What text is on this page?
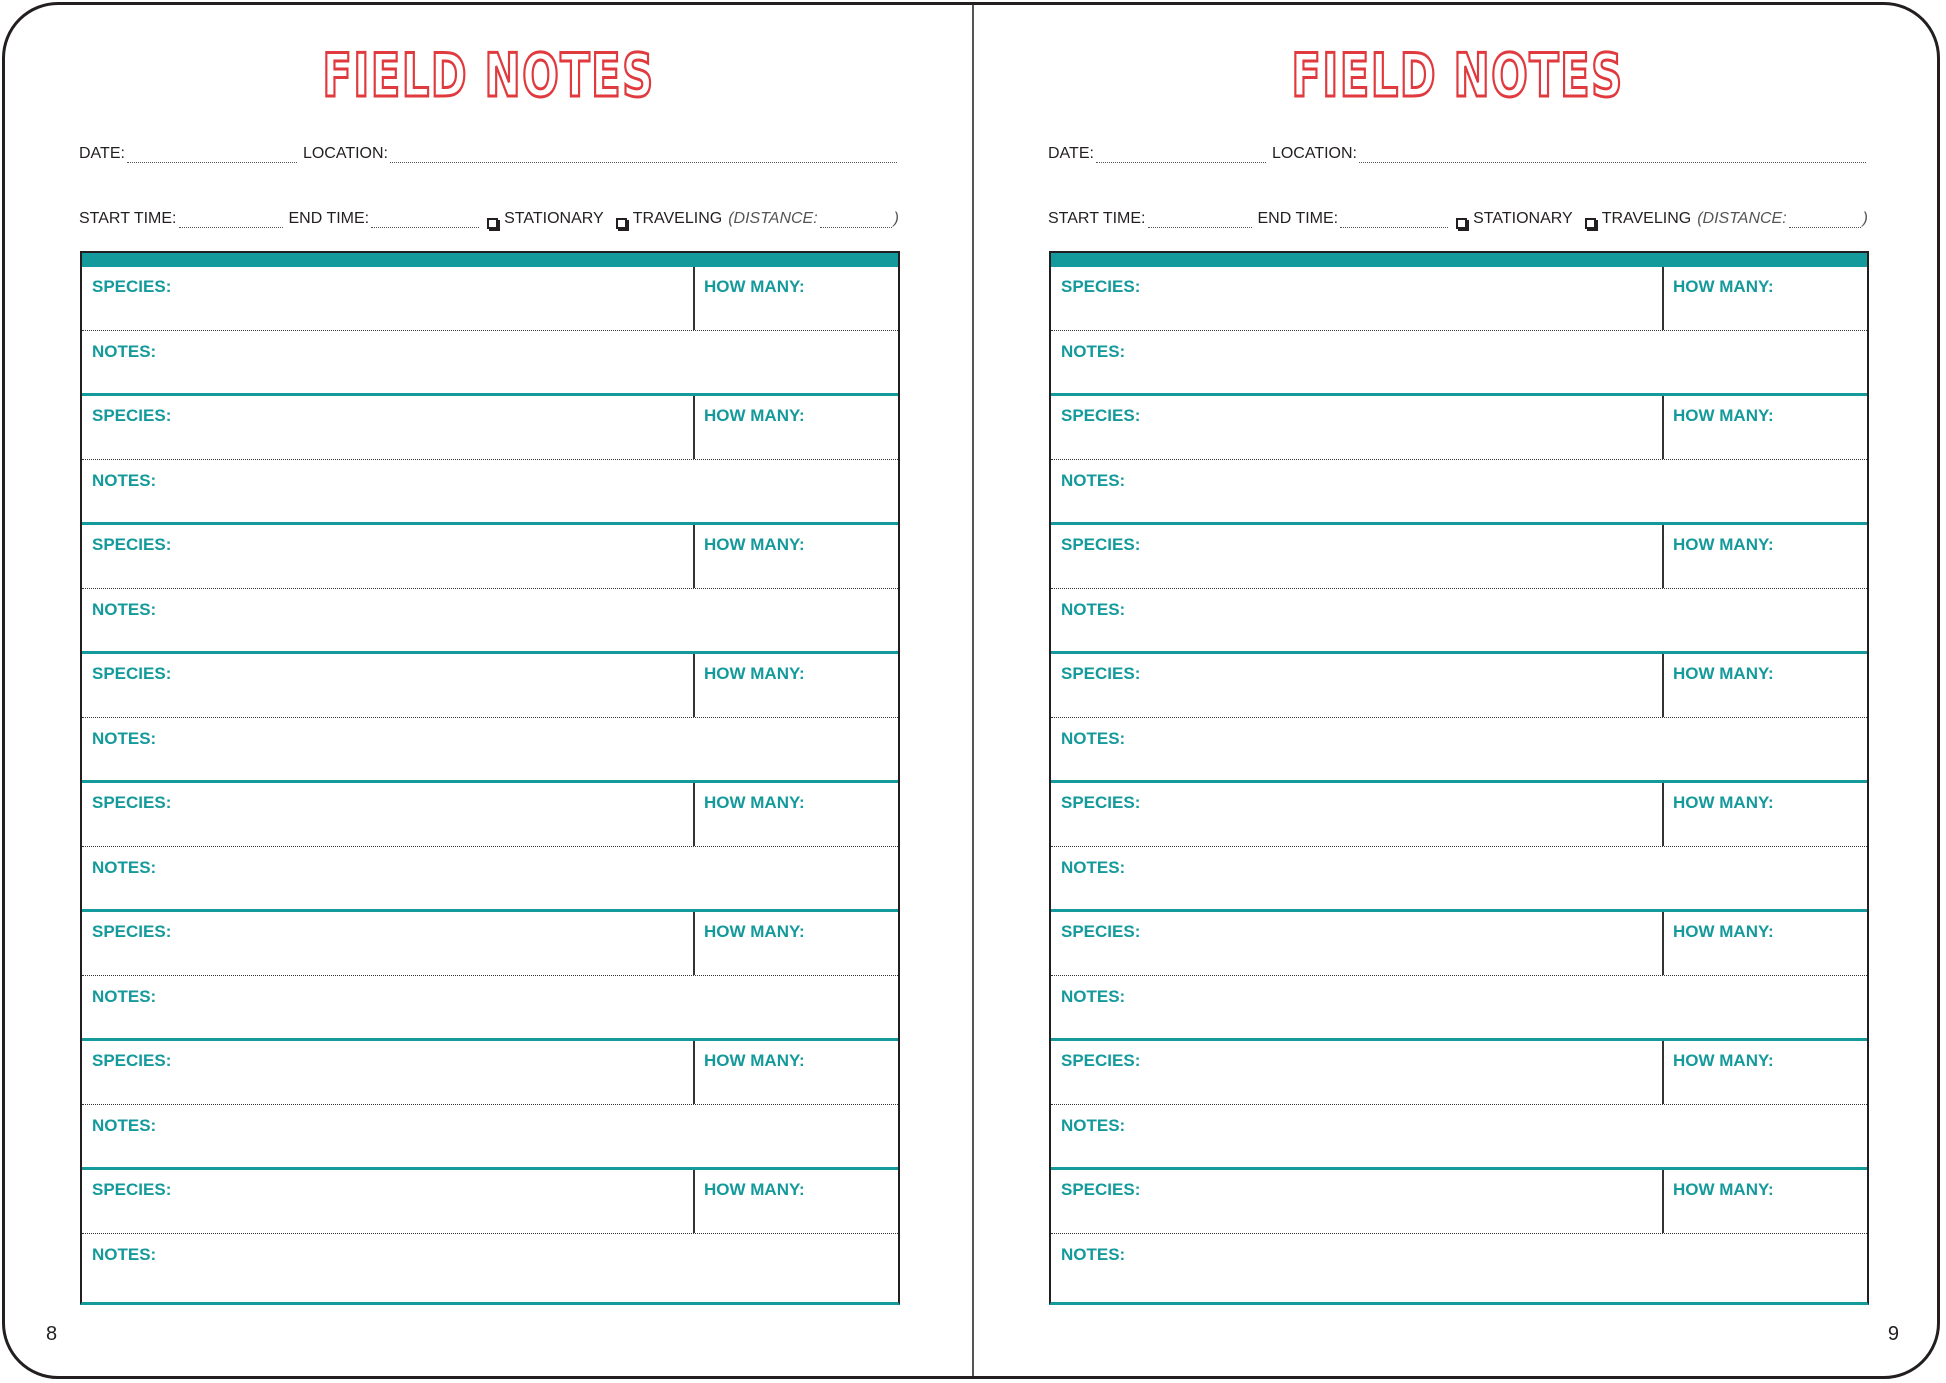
FIELD NOTES
DATE:	LOCATION:
START TIME:	END TIME:	STATIONARY TRAVELING (DISTANCE:	)
SPECIES:	HOW MANY:
NOTES:
SPECIES:	HOW MANY:
NOTES:
SPECIES:	HOW MANY:
NOTES:
SPECIES:	HOW MANY:
NOTES:
SPECIES:	HOW MANY:
NOTES:
SPECIES:	HOW MANY:
NOTES:
SPECIES:	HOW MANY:
NOTES:
SPECIES:	HOW MANY:
NOTES:
8
FIELD NOTES
DATE:	LOCATION:
START TIME:	END TIME:	STATIONARY TRAVELING (DISTANCE:	)
SPECIES:	HOW MANY:
NOTES:
SPECIES:	HOW MANY:
NOTES:
SPECIES:	HOW MANY:
NOTES:
SPECIES:	HOW MANY:
NOTES:
SPECIES:	HOW MANY:
NOTES:
SPECIES:	HOW MANY:
NOTES:
SPECIES:	HOW MANY:
NOTES:
SPECIES:	HOW MANY:
NOTES:
9
